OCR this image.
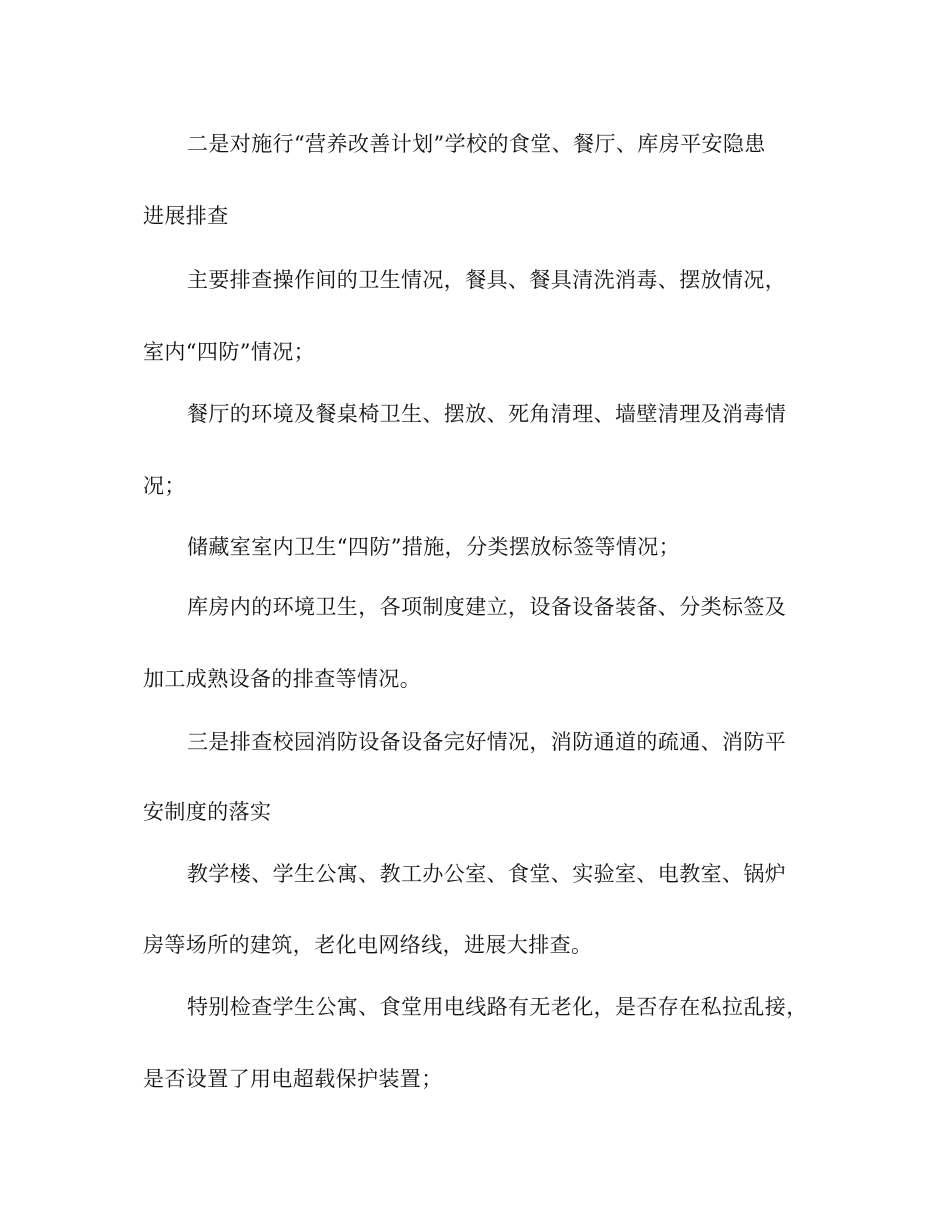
二是对施行“营养改善计划”学校的食堂、餐厅、库房平安隐患
进展排查
主要排查操作间的卫生情况，餐具、餐具清洗消毒、摆放情况，
室内“四防”情况；
餐厅的环境及餐桌椅卫生、摆放、死角清理、墙壁清理及消毒情
况；
储藏室室内卫生“四防”措施，分类摆放标签等情况；
库房内的环境卫生，各项制度建立，设备设备装备、分类标签及
加工成熟设备的排查等情况。
三是排查校园消防设备设备完好情况，消防通道的疏通、消防平
安制度的落实
教学楼、学生公寓、教工办公室、食堂、实验室、电教室、锅炉
房等场所的建筑，老化电网络线，进展大排查。
特别检查学生公寓、食堂用电线路有无老化，是否存在私拉乱接，
是否设置了用电超载保护装置；
